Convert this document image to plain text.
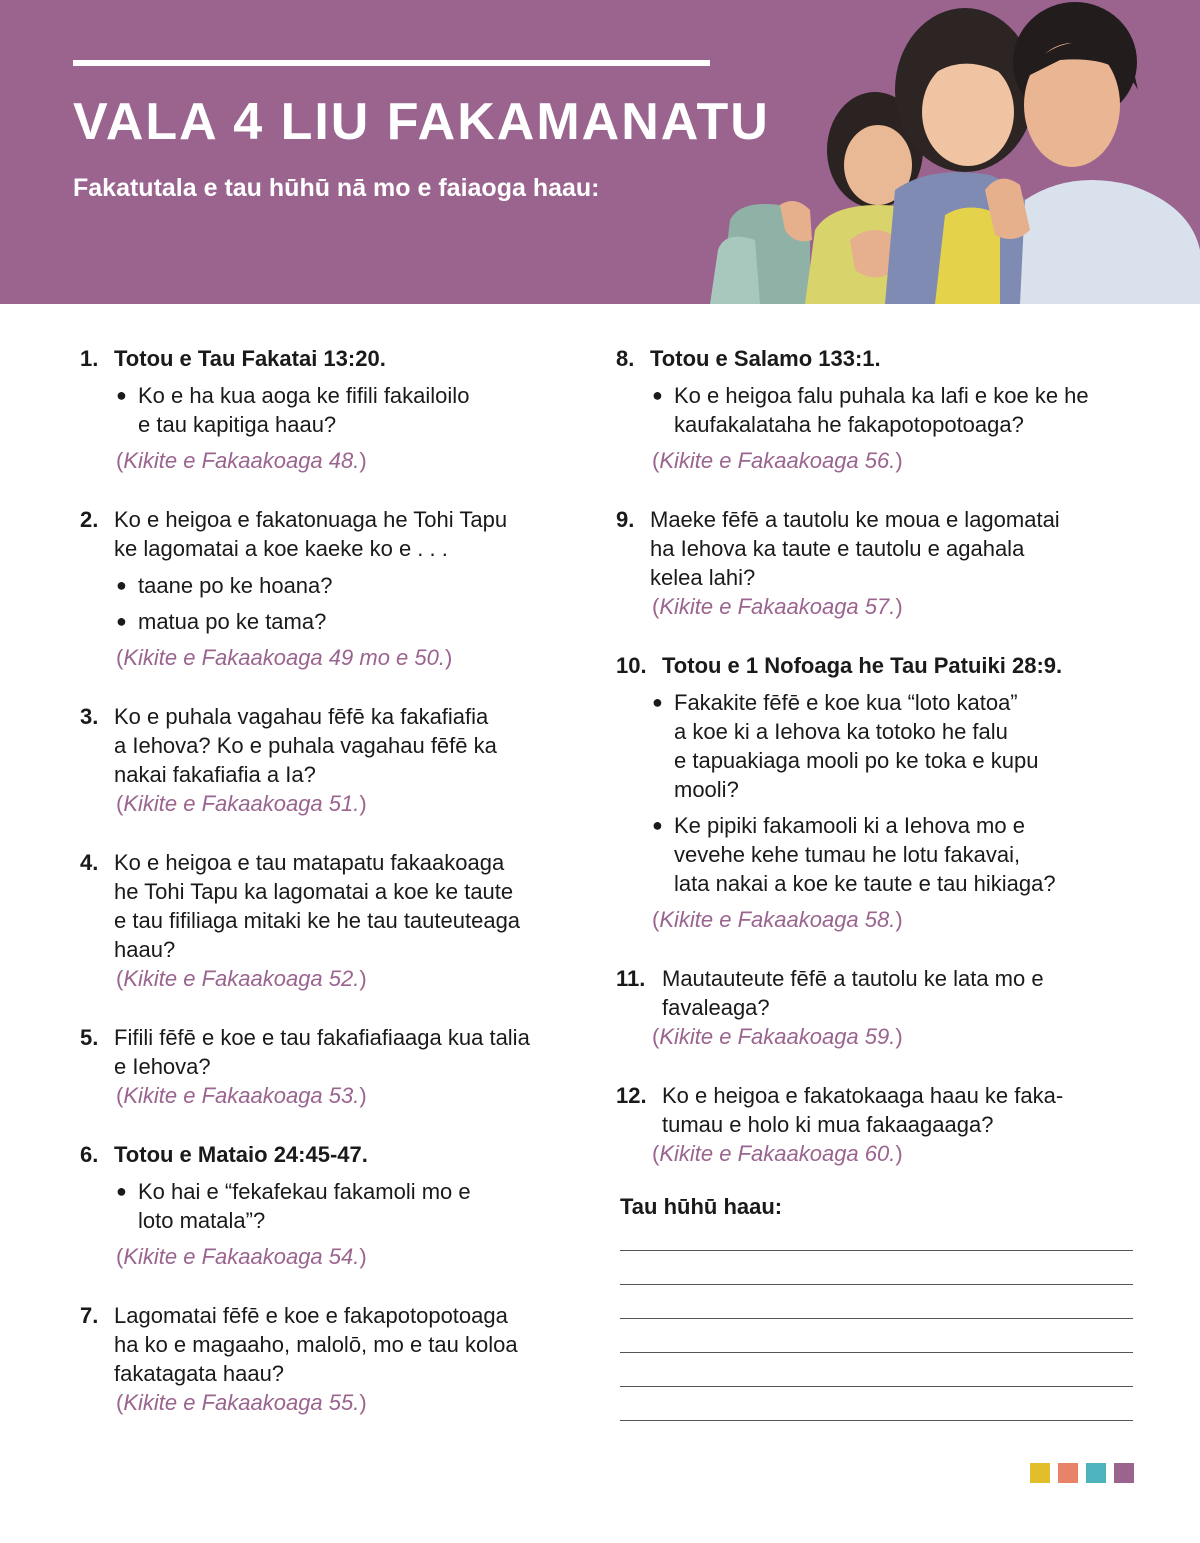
VALA 4 LIU FAKAMANATU

Fakatutala e tau hūhū nā mo e faiaoga haau:

1. Totou e Tau Fakatai 13:20.
● Ko e ha kua aoga ke fifili fakailoilo
e tau kapitiga haau?
(Kikite e Fakaakoaga 48.)
2. Ko e heigoa e fakatonuaga he Tohi Tapu
ke lagomatai a koe kaeke ko e . . .
● taane po ke hoana?
● matua po ke tama?
(Kikite e Fakaakoaga 49 mo e 50.)
3. Ko e puhala vagahau fēfē ka fakafiafia
a Iehova? Ko e puhala vagahau fēfē ka
nakai fakafiafia a Ia?
(Kikite e Fakaakoaga 51.)
4. Ko e heigoa e tau matapatu fakaakoaga
he Tohi Tapu ka lagomatai a koe ke taute
e tau fifiliaga mitaki ke he tau tauteuteaga
haau?
(Kikite e Fakaakoaga 52.)
5. Fifili fēfē e koe e tau fakafiafiaaga kua talia
e Iehova?
(Kikite e Fakaakoaga 53.)
6. Totou e Mataio 24:45-47.
● Ko hai e “fekafekau fakamoli mo e
loto matala”?
(Kikite e Fakaakoaga 54.)
7. Lagomatai fēfē e koe e fakapotopotoaga
ha ko e magaaho, malolō, mo e tau koloa
fakatagata haau?
(Kikite e Fakaakoaga 55.)
8. Totou e Salamo 133:1.
● Ko e heigoa falu puhala ka lafi e koe ke he
kaufakalataha he fakapotopotoaga?
(Kikite e Fakaakoaga 56.)
9. Maeke fēfē a tautolu ke moua e lagomatai
ha Iehova ka taute e tautolu e agahala
kelea lahi?
(Kikite e Fakaakoaga 57.)
10. Totou e 1 Nofoaga he Tau Patuiki 28:9.
● Fakakite fēfē e koe kua “loto katoa”
a koe ki a Iehova ka totoko he falu
e tapuakiaga mooli po ke toka e kupu
mooli?
● Ke pipiki fakamooli ki a Iehova mo e
vevehe kehe tumau he lotu fakavai,
lata nakai a koe ke taute e tau hikiaga?
(Kikite e Fakaakoaga 58.)
11. Mautauteute fēfē a tautolu ke lata mo e
favaleaga?
(Kikite e Fakaakoaga 59.)
12. Ko e heigoa e fakatokaaga haau ke faka-
tumau e holo ki mua fakaagaaga?
(Kikite e Fakaakoaga 60.)

Tau hūhū haau:
